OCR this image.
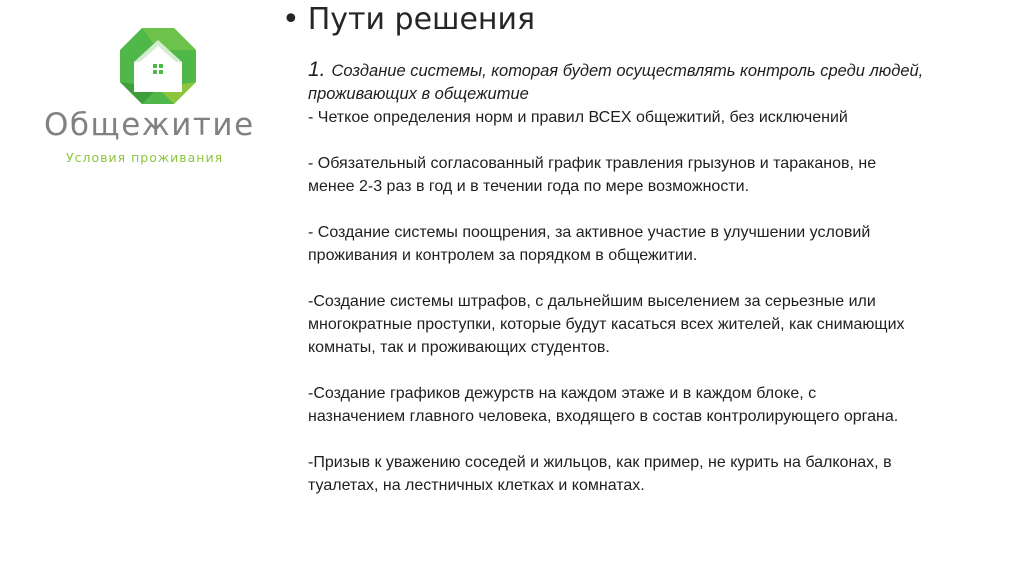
Общежитие
Условия проживания
• Пути решения
1. Создание системы, которая будет осуществлять контроль среди людей,
проживающих в общежитие

- Четкое определения норм и правил ВСЕХ общежитий, без исключений

- Обязательный согласованный график травления грызунов и тараканов, не

менее 2-3 раз в год и в течении года по мере возможности.

- Создание системы поощрения, за активное участие в улучшении условий

проживания и контролем за порядком в общежитии.

-Создание системы штрафов, с дальнейшим выселением за серьезные или

многократные проступки, которые будут касаться всех жителей, как снимающих

комнаты, так и проживающих студентов.

-Создание графиков дежурств на каждом этаже и в каждом блоке, с

назначением главного человека, входящего в состав контролирующего органа.

-Призыв к уважению соседей и жильцов, как пример, не курить на балконах, в

туалетах, на лестничных клетках и комнатах.
